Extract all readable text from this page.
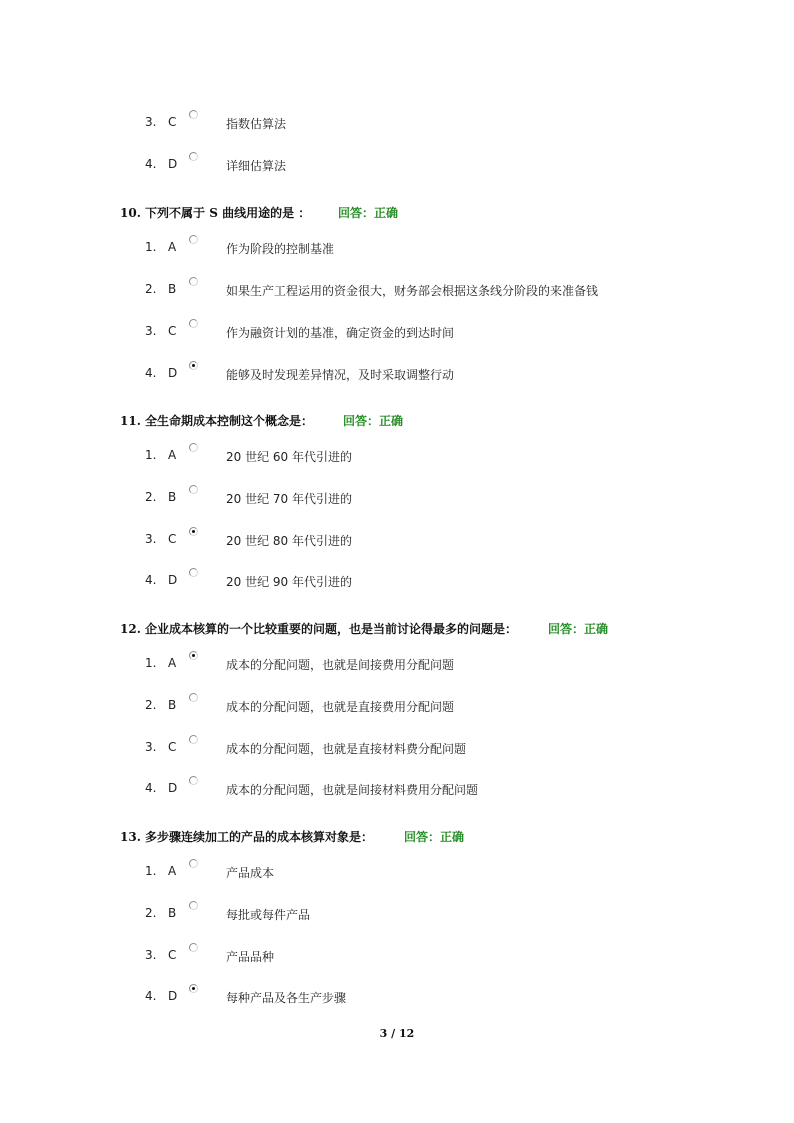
3. C	指数估算法
4. D	详细估算法
10. 下列不属于 S 曲线用途的是 ： 回答：正确
1. A	作为阶段的控制基准
2. B	如果生产工程运用的资金很大，财务部会根据这条线分阶段的来准备钱
3. C	作为融资计划的基准，确定资金的到达时间
4. D	能够及时发现差异情况，及时采取调整行动
11. 全生命期成本控制这个概念是： 回答：正确
1. A	20 世纪 60 年代引进的
2. B	20 世纪 70 年代引进的
3. C	20 世纪 80 年代引进的
4. D	20 世纪 90 年代引进的
12. 企业成本核算的一个比较重要的问题，也是当前讨论得最多的问题是：	回答：正确
1. A	成本的分配问题，也就是间接费用分配问题
2. B	成本的分配问题，也就是直接费用分配问题
3. C	成本的分配问题，也就是直接材料费分配问题
4. D	成本的分配问题，也就是间接材料费用分配问题
13. 多步骤连续加工的产品的成本核算对象是：	回答：正确
1. A	产品成本
2. B	每批或每件产品
3. C	产品品种
4. D	每种产品及各生产步骤
3 / 12
